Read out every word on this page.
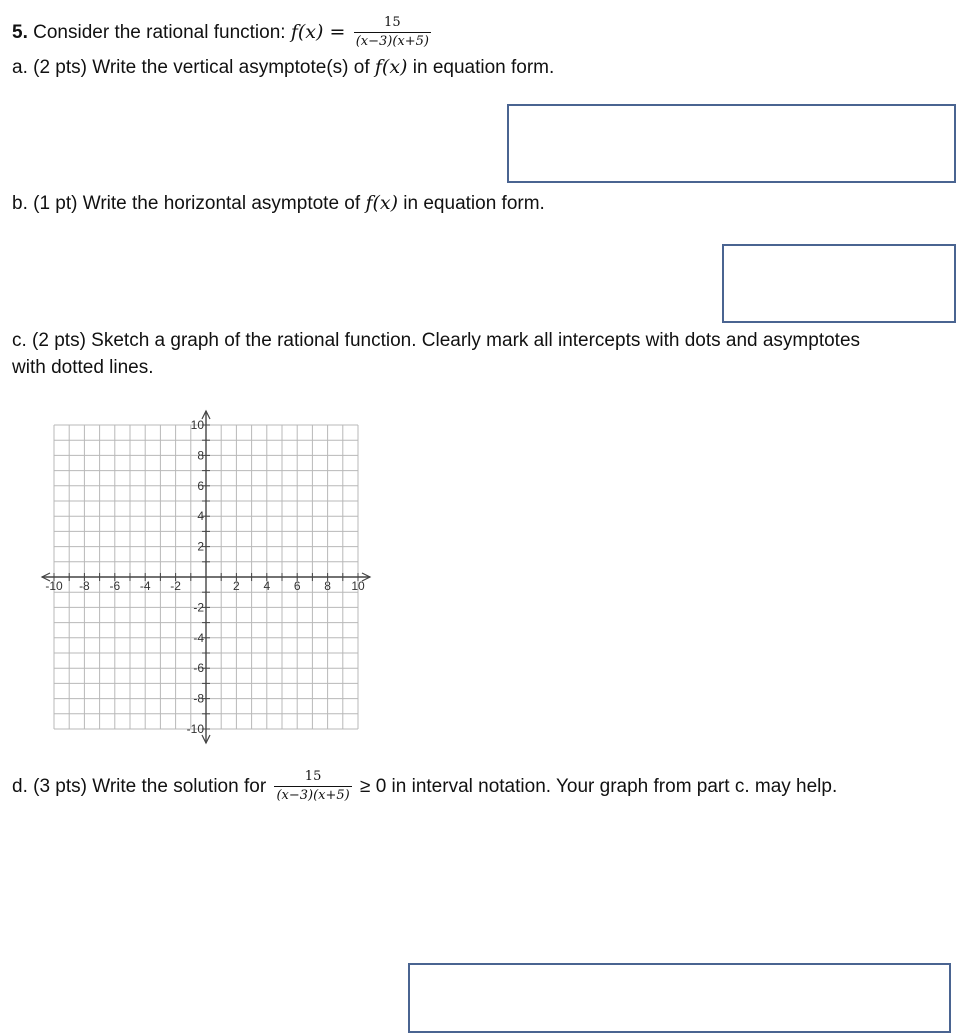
5. Consider the rational function: $f(x) = \frac{15}{(x-3)(x+5)}$
a. (2 pts) Write the vertical asymptote(s) of f(x) in equation form.
b. (1 pt) Write the horizontal asymptote of f(x) in equation form.
c. (2 pts) Sketch a graph of the rational function. Clearly mark all intercepts with dots and asymptotes
with dotted lines.
-10 -8 -6 -4 -2	2 4 6 8 10
10
8
6
4
2
-2
-4
-6
-8
-10
d. (3 pts) Write the solution for $\frac{15}{(x-3)(x+5)} \ge 0$ in interval notation. Your graph from part c. may help.
